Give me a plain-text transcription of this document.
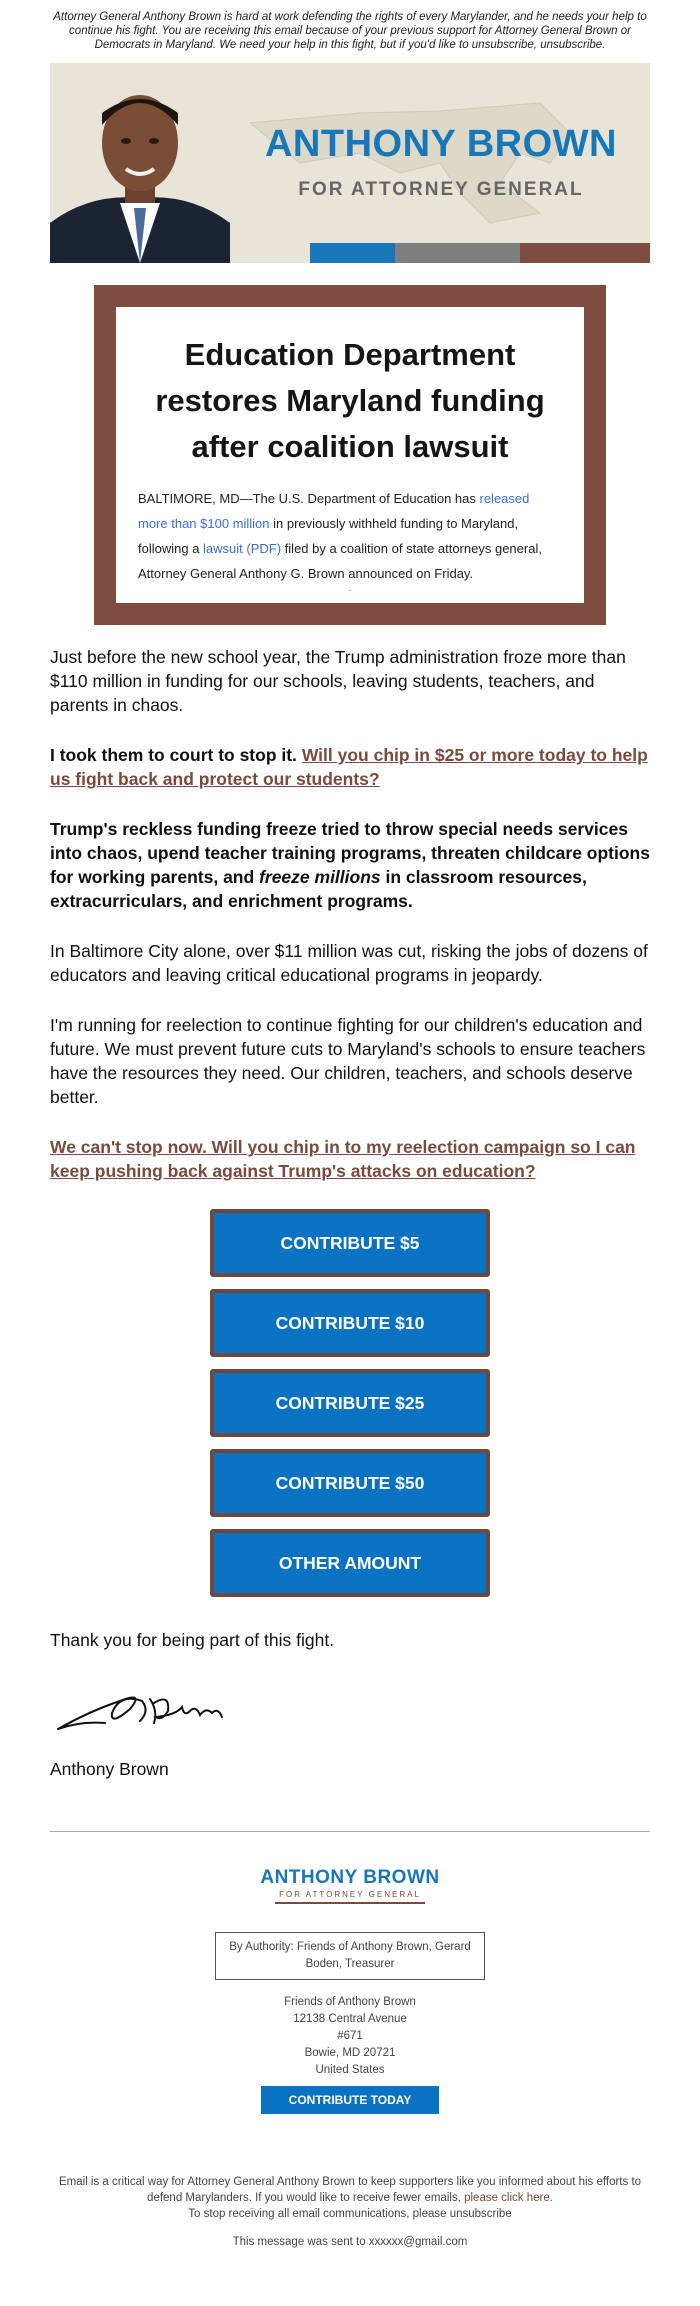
Attorney General Anthony Brown is hard at work defending the rights of every Marylander, and he needs your help to continue his fight. You are receiving this email because of your previous support for Attorney General Brown or Democrats in Maryland. We need your help in this fight, but if you'd like to unsubscribe, unsubscribe.
ANTHONY BROWN
FOR ATTORNEY GENERAL
Education Department restores Maryland funding after coalition lawsuit
BALTIMORE, MD—The U.S. Department of Education has released more than $100 million in previously withheld funding to Maryland, following a lawsuit (PDF) filed by a coalition of state attorneys general, Attorney General Anthony G. Brown announced on Friday.
.

Just before the new school year, the Trump administration froze more than $110 million in funding for our schools, leaving students, teachers, and parents in chaos.

I took them to court to stop it. Will you chip in $25 or more today to help us fight back and protect our students?

Trump's reckless funding freeze tried to throw special needs services into chaos, upend teacher training programs, threaten childcare options for working parents, and freeze millions in classroom resources, extracurriculars, and enrichment programs.

In Baltimore City alone, over $11 million was cut, risking the jobs of dozens of educators and leaving critical educational programs in jeopardy.

I'm running for reelection to continue fighting for our children's education and future. We must prevent future cuts to Maryland's schools to ensure teachers have the resources they need. Our children, teachers, and schools deserve better.

We can't stop now. Will you chip in to my reelection campaign so I can keep pushing back against Trump's attacks on education?

CONTRIBUTE $5
CONTRIBUTE $10
CONTRIBUTE $25
CONTRIBUTE $50
OTHER AMOUNT
Thank you for being part of this fight.
Anthony Brown
ANTHONY BROWN
FOR ATTORNEY GENERAL
By Authority: Friends of Anthony Brown, Gerard Boden, Treasurer
Friends of Anthony Brown
12138 Central Avenue
#671
Bowie, MD 20721
United States
CONTRIBUTE TODAY
Email is a critical way for Attorney General Anthony Brown to keep supporters like you informed about his efforts to defend Marylanders. If you would like to receive fewer emails, please click here.
To stop receiving all email communications, please unsubscribe
This message was sent to xxxxxx@gmail.com
